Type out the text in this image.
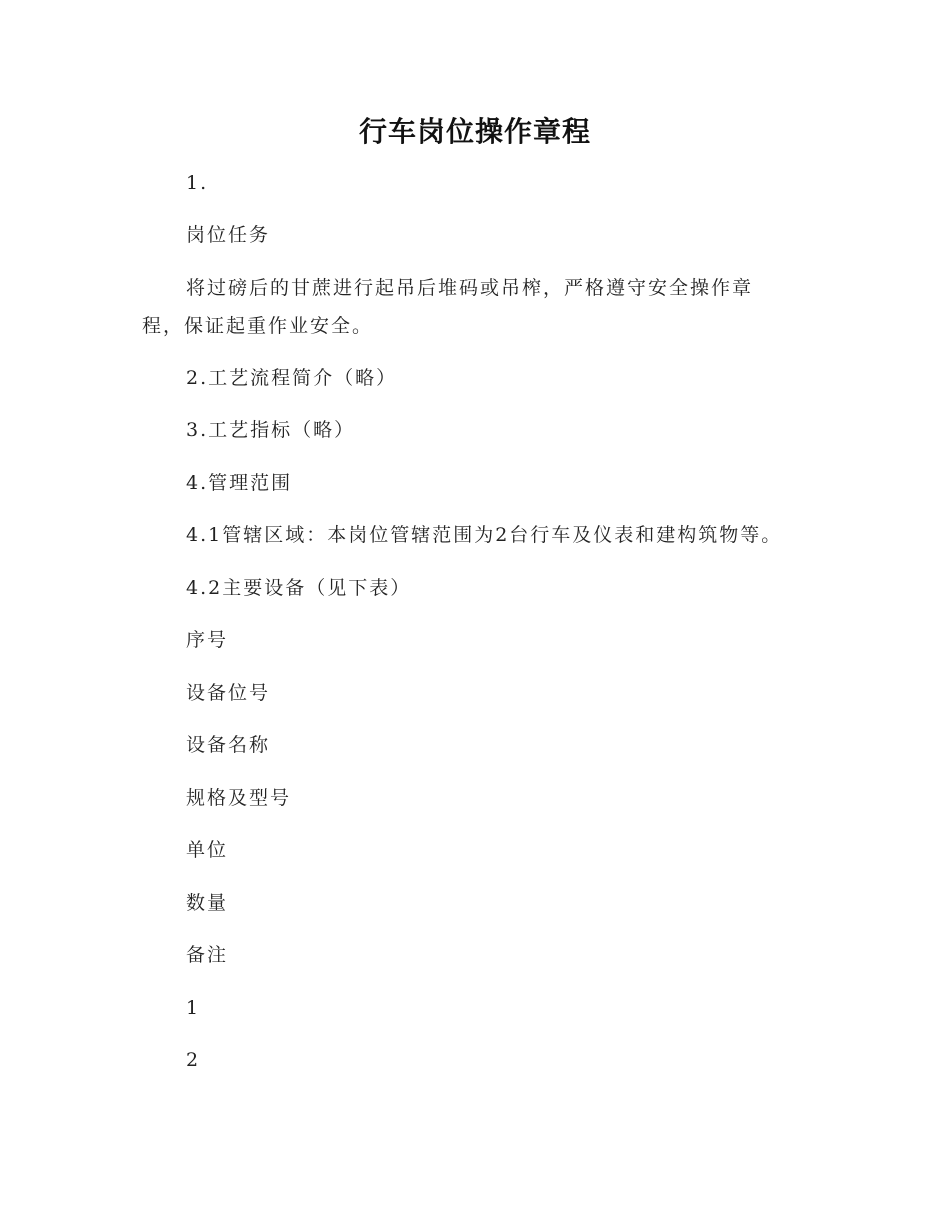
行车岗位操作章程
1.
岗位任务
将过磅后的甘蔗进行起吊后堆码或吊榨，严格遵守安全操作章程，保证起重作业安全。
2.工艺流程简介（略）
3.工艺指标（略）
4.管理范围
4.1管辖区域：本岗位管辖范围为2台行车及仪表和建构筑物等。
4.2主要设备（见下表）
序号
设备位号
设备名称
规格及型号
单位
数量
备注
1
2
